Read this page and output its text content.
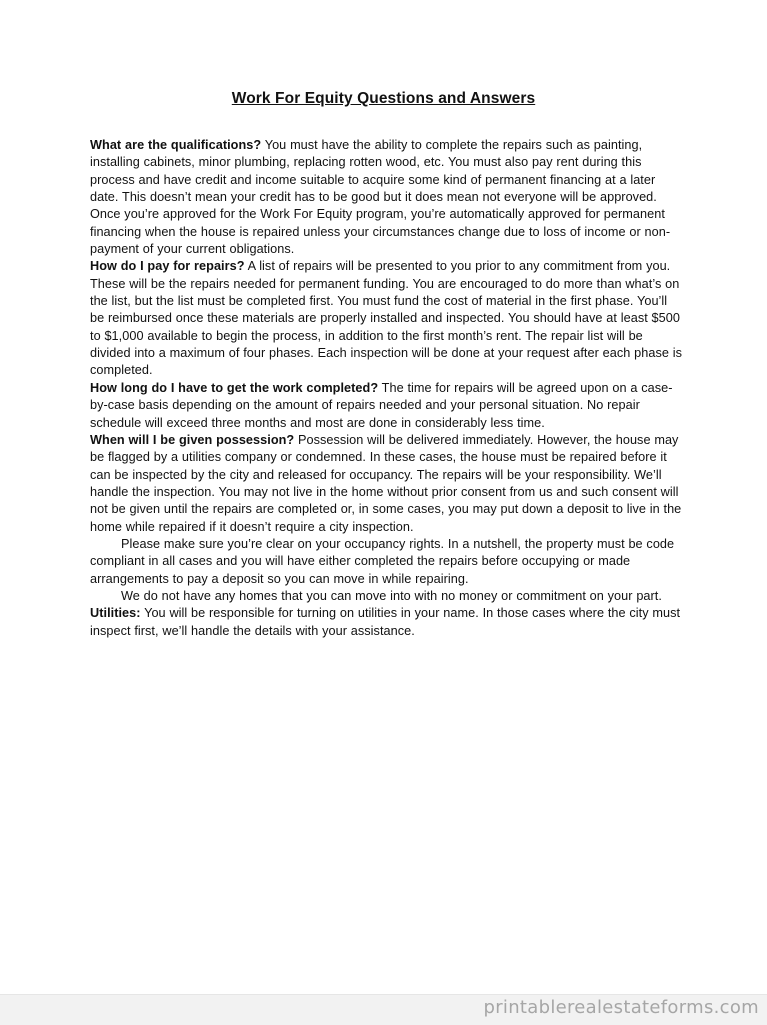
Work For Equity Questions and Answers

What are the qualifications? You must have the ability to complete the repairs such as painting, installing cabinets, minor plumbing, replacing rotten wood, etc. You must also pay rent during this process and have credit and income suitable to acquire some kind of permanent financing at a later date. This doesn’t mean your credit has to be good but it does mean not everyone will be approved. Once you’re approved for the Work For Equity program, you’re automatically approved for permanent financing when the house is repaired unless your circumstances change due to loss of income or non-payment of your current obligations.

How do I pay for repairs? A list of repairs will be presented to you prior to any commitment from you. These will be the repairs needed for permanent funding. You are encouraged to do more than what’s on the list, but the list must be completed first. You must fund the cost of material in the first phase. You’ll be reimbursed once these materials are properly installed and inspected. You should have at least $500 to $1,000 available to begin the process, in addition to the first month’s rent. The repair list will be divided into a maximum of four phases. Each inspection will be done at your request after each phase is completed.

How long do I have to get the work completed? The time for repairs will be agreed upon on a case-by-case basis depending on the amount of repairs needed and your personal situation. No repair schedule will exceed three months and most are done in considerably less time.

When will I be given possession? Possession will be delivered immediately. However, the house may be flagged by a utilities company or condemned. In these cases, the house must be repaired before it can be inspected by the city and released for occupancy. The repairs will be your responsibility. We’ll handle the inspection. You may not live in the home without prior consent from us and such consent will not be given until the repairs are completed or, in some cases, you may put down a deposit to live in the home while repaired if it doesn’t require a city inspection.

Please make sure you’re clear on your occupancy rights. In a nutshell, the property must be code compliant in all cases and you will have either completed the repairs before occupying or made arrangements to pay a deposit so you can move in while repairing.

We do not have any homes that you can move into with no money or commitment on your part.

Utilities: You will be responsible for turning on utilities in your name. In those cases where the city must inspect first, we’ll handle the details with your assistance.

printablerealestateforms.com
